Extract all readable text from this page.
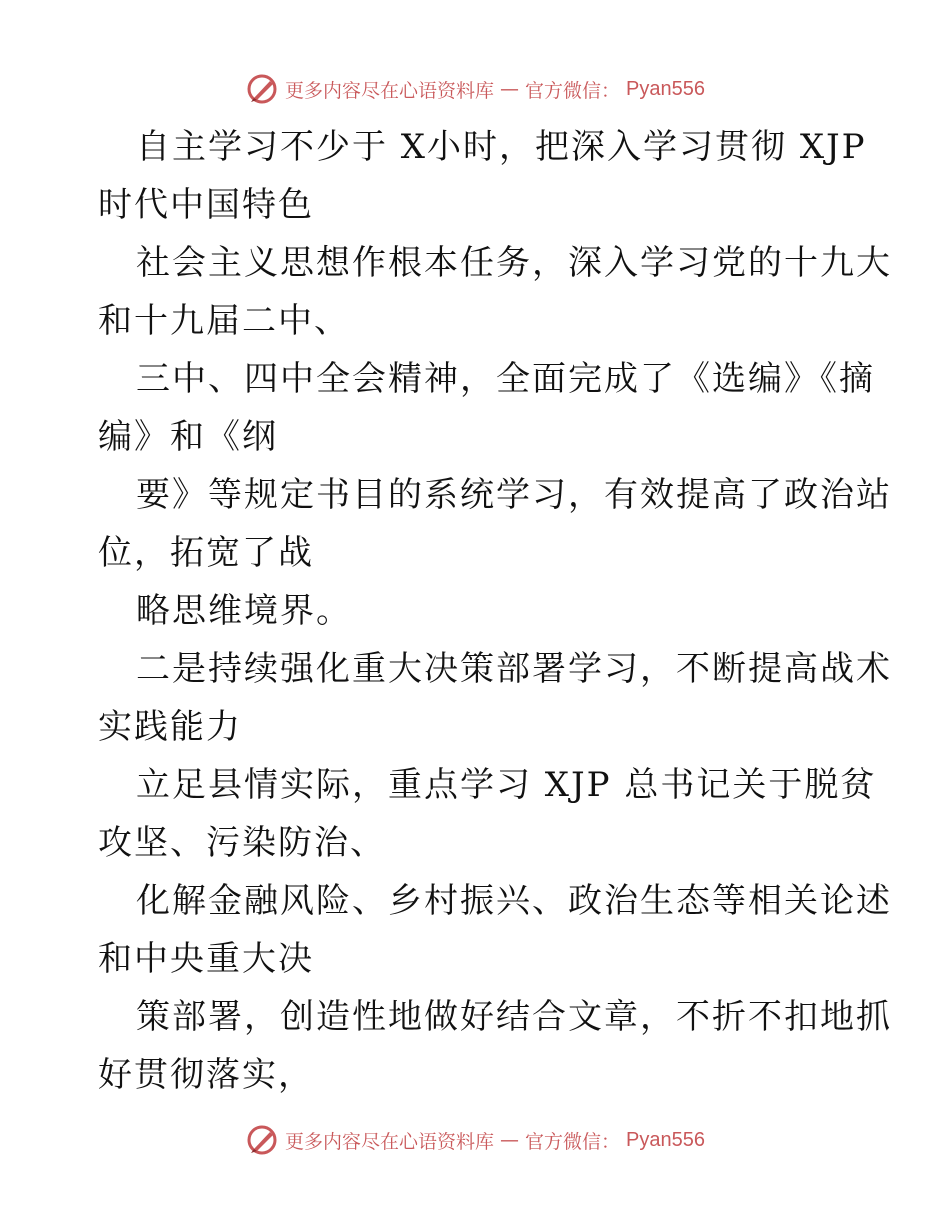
更多内容尽在心语资料库 — 官方微信： Pyan556
自主学习不少于 X小时，把深入学习贯彻 XJP
时代中国特色
社会主义思想作根本任务，深入学习党的十九大
和十九届二中、
三中、四中全会精神，全面完成了《选编》《摘
编》和《纲
要》等规定书目的系统学习，有效提高了政治站
位，拓宽了战
略思维境界。
二是持续强化重大决策部署学习，不断提高战术
实践能力
立足县情实际，重点学习 XJP 总书记关于脱贫
攻坚、污染防治、
化解金融风险、乡村振兴、政治生态等相关论述
和中央重大决
策部署，创造性地做好结合文章，不折不扣地抓
好贯彻落实，
更多内容尽在心语资料库 — 官方微信： Pyan556
